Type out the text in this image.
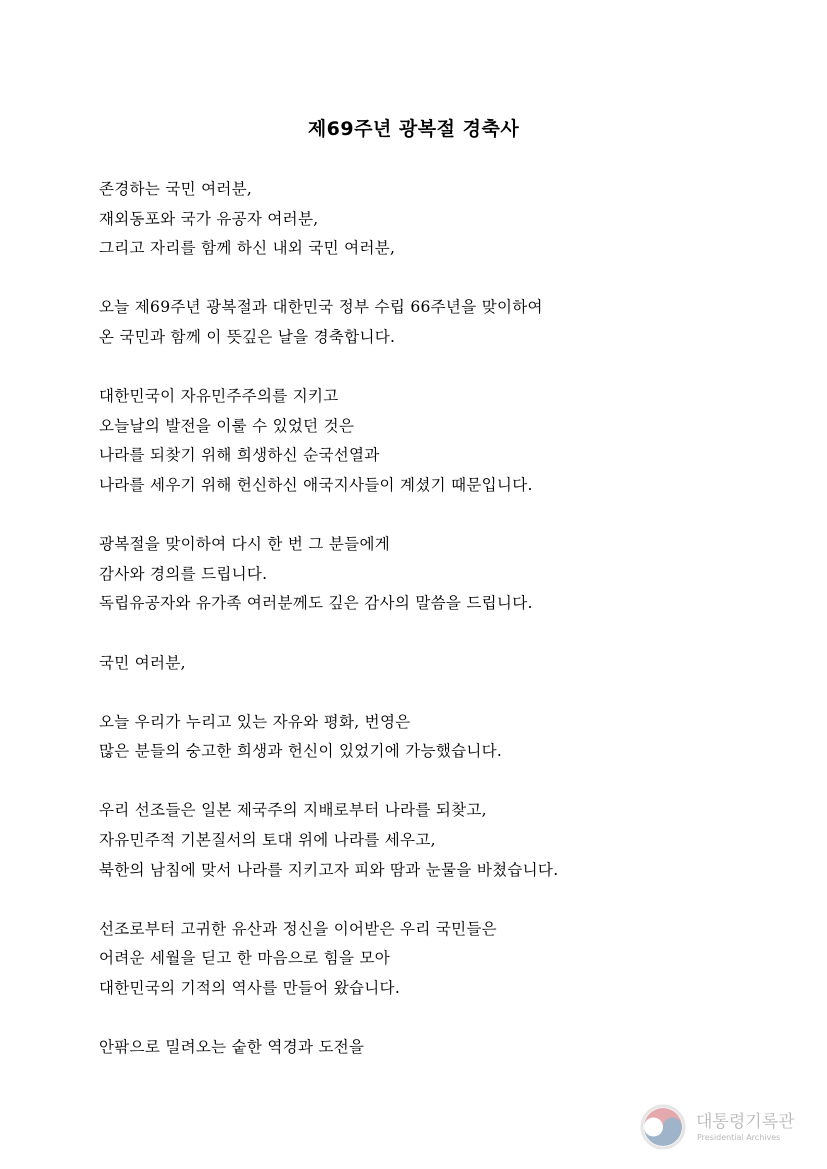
제69주년 광복절 경축사

존경하는 국민 여러분,
재외동포와 국가 유공자 여러분,
그리고 자리를 함께 하신 내외 국민 여러분,

오늘 제69주년 광복절과 대한민국 정부 수립 66주년을 맞이하여
온 국민과 함께 이 뜻깊은 날을 경축합니다.

대한민국이 자유민주주의를 지키고
오늘날의 발전을 이룰 수 있었던 것은
나라를 되찾기 위해 희생하신 순국선열과
나라를 세우기 위해 헌신하신 애국지사들이 계셨기 때문입니다.

광복절을 맞이하여 다시 한 번 그 분들에게
감사와 경의를 드립니다.
독립유공자와 유가족 여러분께도 깊은 감사의 말씀을 드립니다.

국민 여러분,

오늘 우리가 누리고 있는 자유와 평화, 번영은
많은 분들의 숭고한 희생과 헌신이 있었기에 가능했습니다.

우리 선조들은 일본 제국주의 지배로부터 나라를 되찾고,
자유민주적 기본질서의 토대 위에 나라를 세우고,
북한의 남침에 맞서 나라를 지키고자 피와 땀과 눈물을 바쳤습니다.

선조로부터 고귀한 유산과 정신을 이어받은 우리 국민들은
어려운 세월을 딛고 한 마음으로 힘을 모아
대한민국의 기적의 역사를 만들어 왔습니다.

안팎으로 밀려오는 숱한 역경과 도전을

대통령기록관
Presidential Archives
